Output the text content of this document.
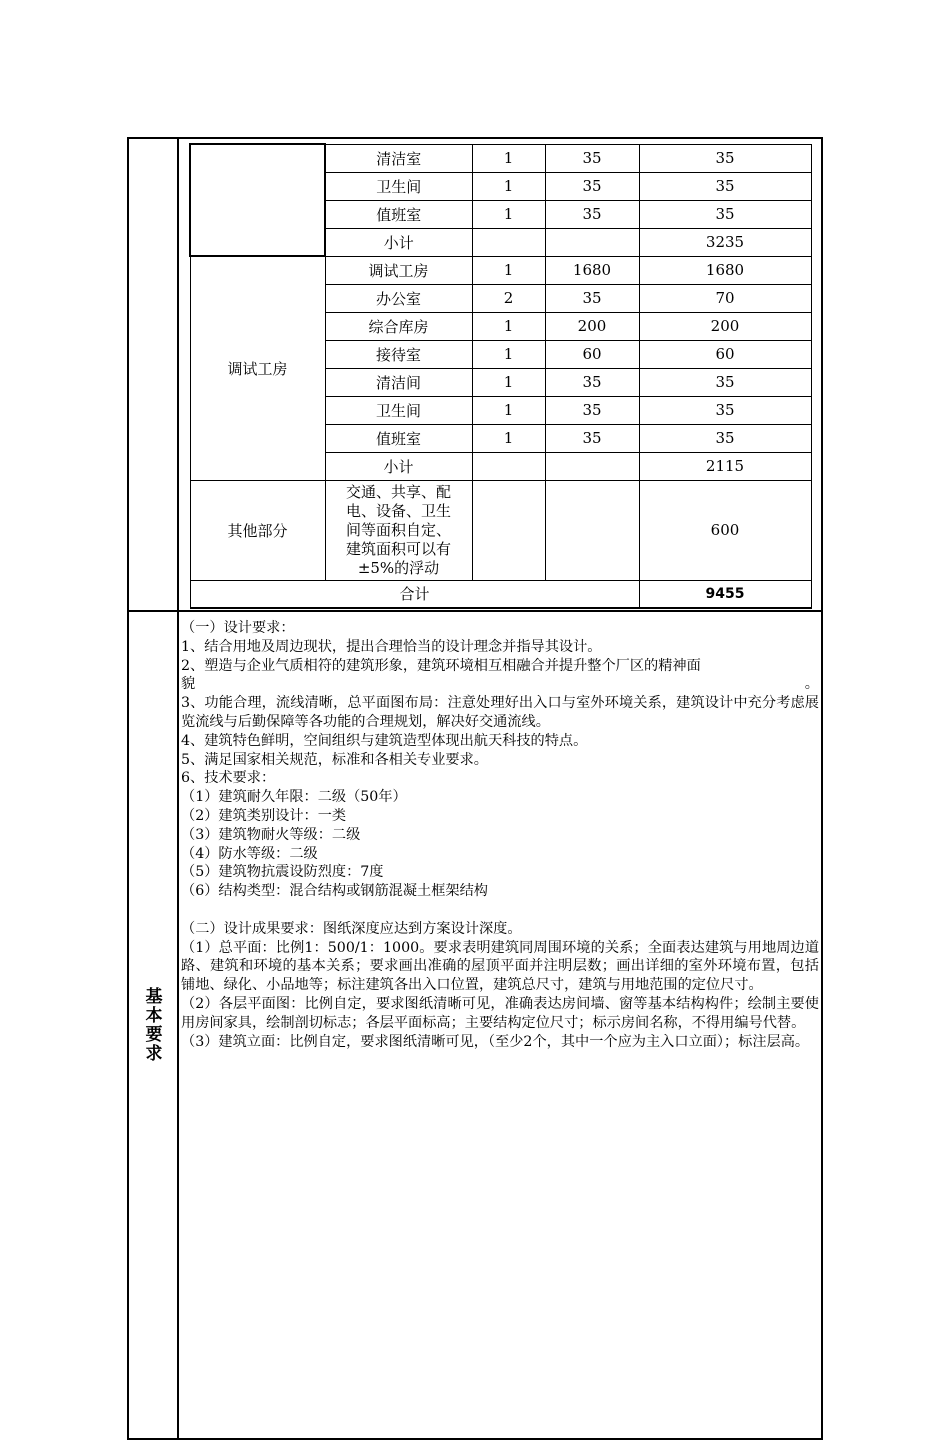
	清洁室	1	35	35
	卫生间	1	35	35
	值班室	1	35	35
	小计			3235
调试工房	调试工房	1	1680	1680
	办公室	2	35	70
	综合库房	1	200	200
	接待室	1	60	60
	清洁间	1	35	35
	卫生间	1	35	35
	值班室	1	35	35
	小计			2115
其他部分	交通、共享、配
电、设备、卫生
间等面积自定、
建筑面积可以有
±5%的浮动			600
合计				9455
基本要求

（一）设计要求：

1、结合用地及周边现状，提出合理恰当的设计理念并指导其设计。

2、塑造与企业气质相符的建筑形象，建筑环境相互相融合并提升整个厂区的精神面

貌	。

3、功能合理，流线清晰，总平面图布局：注意处理好出入口与室外环境关系，建筑设计中充分考虑展览流线与后勤保障等各功能的合理规划，解决好交通流线。

4、建筑特色鲜明，空间组织与建筑造型体现出航天科技的特点。

5、满足国家相关规范，标准和各相关专业要求。

6、技术要求：

（1）建筑耐久年限：二级（50年）

（2）建筑类别设计：一类

（3）建筑物耐火等级：二级

（4）防水等级：二级

（5）建筑物抗震设防烈度：7度

（6）结构类型：混合结构或钢筋混凝土框架结构

（二）设计成果要求：图纸深度应达到方案设计深度。

（1）总平面：比例1：500/1：1000。要求表明建筑同周围环境的关系；全面表达建筑与用地周边道路、建筑和环境的基本关系；要求画出准确的屋顶平面并注明层数；画出详细的室外环境布置，包括铺地、绿化、小品地等；标注建筑各出入口位置，建筑总尺寸，建筑与用地范围的定位尺寸。

（2）各层平面图：比例自定，要求图纸清晰可见，准确表达房间墙、窗等基本结构构件；绘制主要使用房间家具，绘制剖切标志；各层平面标高；主要结构定位尺寸；标示房间名称，不得用编号代替。

（3）建筑立面：比例自定，要求图纸清晰可见，（至少2个，其中一个应为主入口立面）；标注层高。
